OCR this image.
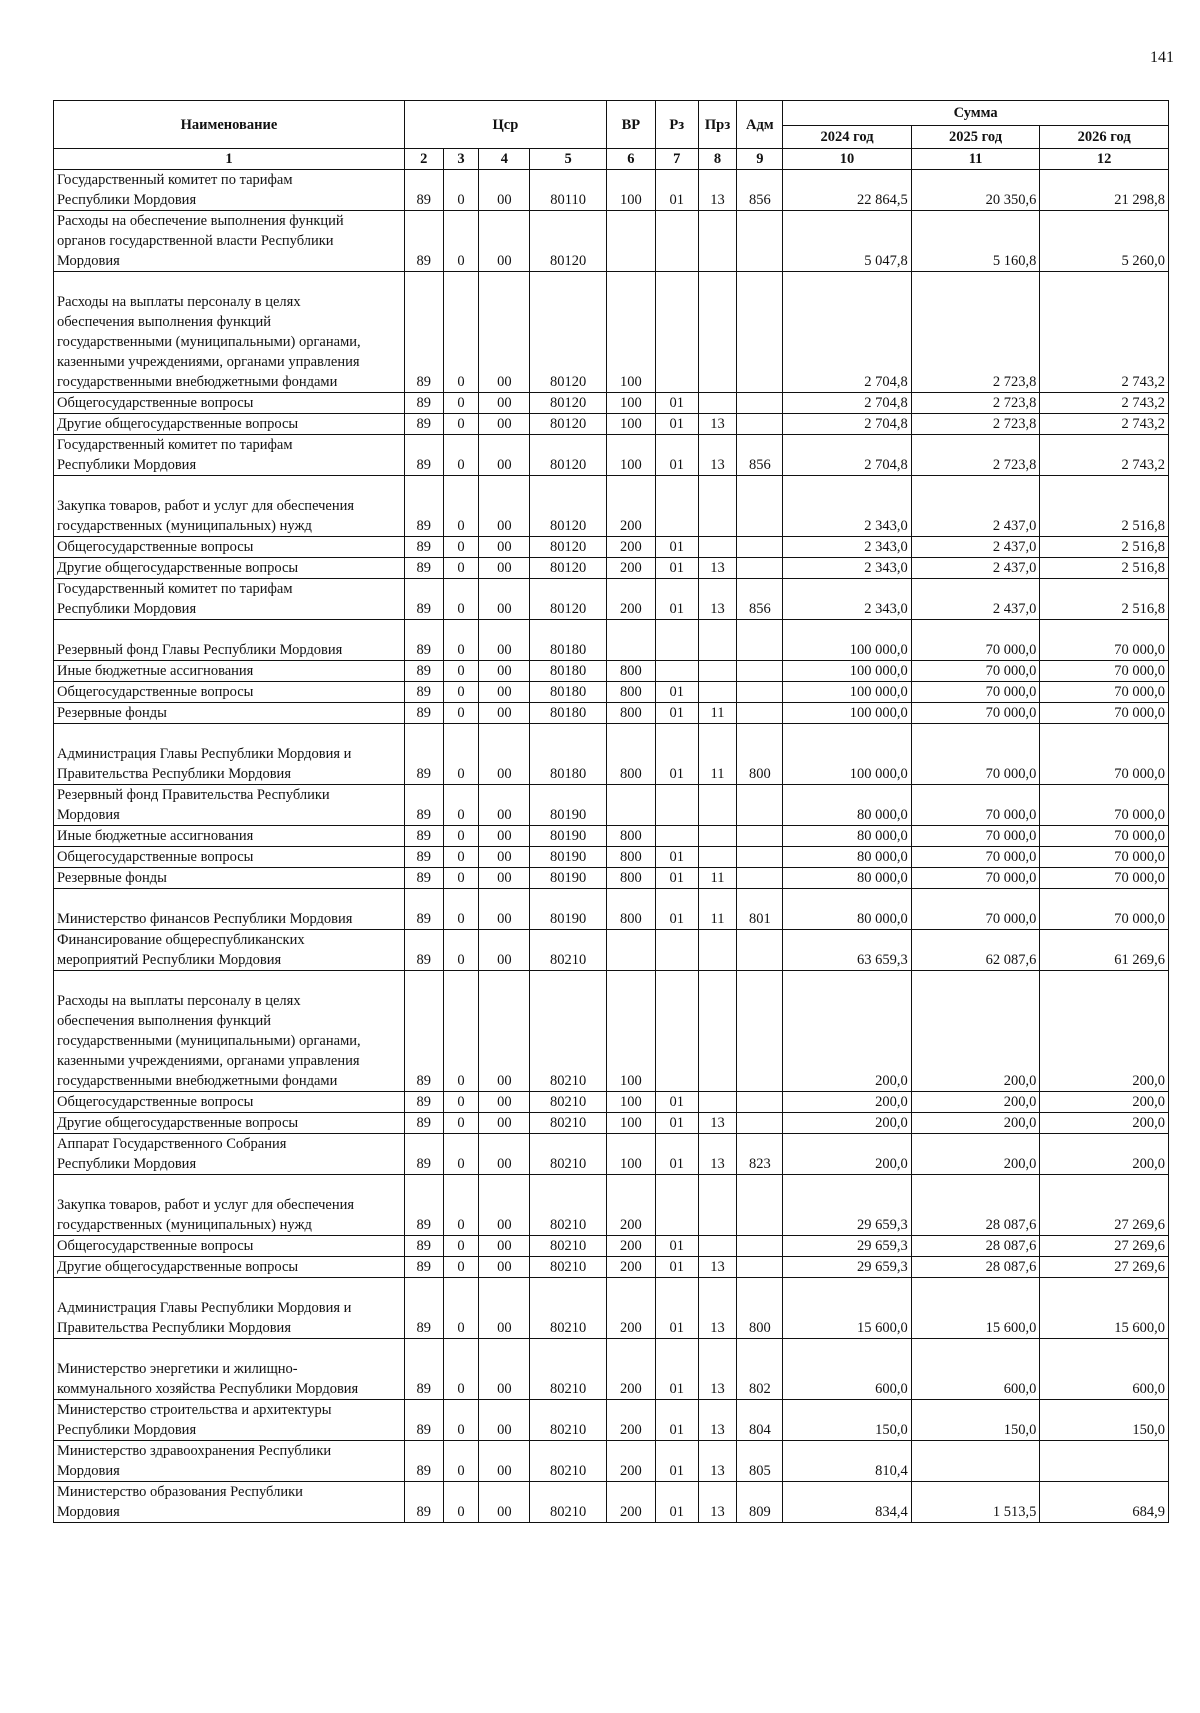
141
Наименование	Цср				ВР	Рз	Прз	Адм	Сумма		
									2024 год	2025 год	2026 год
1	2	3	4	5	6	7	8	9	10	11	12
Государственный комитет по тарифам
Республики Мордовия	89	0	00	80110	100	01	13	856	22 864,5	20 350,6	21 298,8
Расходы на обеспечение выполнения функций
органов государственной власти Республики
Мордовия	89	0	00	80120					5 047,8	5 160,8	5 260,0

Расходы на выплаты персоналу в целях
обеспечения выполнения функций
государственными (муниципальными) органами,
казенными учреждениями, органами управления
государственными внебюджетными фондами	89	0	00	80120	100				2 704,8	2 723,8	2 743,2
Общегосударственные вопросы	89	0	00	80120	100	01			2 704,8	2 723,8	2 743,2
Другие общегосударственные вопросы	89	0	00	80120	100	01	13		2 704,8	2 723,8	2 743,2
Государственный комитет по тарифам
Республики Мордовия	89	0	00	80120	100	01	13	856	2 704,8	2 723,8	2 743,2

Закупка товаров, работ и услуг для обеспечения
государственных (муниципальных) нужд	89	0	00	80120	200				2 343,0	2 437,0	2 516,8
Общегосударственные вопросы	89	0	00	80120	200	01			2 343,0	2 437,0	2 516,8
Другие общегосударственные вопросы	89	0	00	80120	200	01	13		2 343,0	2 437,0	2 516,8
Государственный комитет по тарифам
Республики Мордовия	89	0	00	80120	200	01	13	856	2 343,0	2 437,0	2 516,8

Резервный фонд Главы Республики Мордовия	89	0	00	80180					100 000,0	70 000,0	70 000,0
Иные бюджетные ассигнования	89	0	00	80180	800				100 000,0	70 000,0	70 000,0
Общегосударственные вопросы	89	0	00	80180	800	01			100 000,0	70 000,0	70 000,0
Резервные фонды	89	0	00	80180	800	01	11		100 000,0	70 000,0	70 000,0

Администрация Главы Республики Мордовия и
Правительства Республики Мордовия	89	0	00	80180	800	01	11	800	100 000,0	70 000,0	70 000,0
Резервный фонд Правительства Республики
Мордовия	89	0	00	80190					80 000,0	70 000,0	70 000,0
Иные бюджетные ассигнования	89	0	00	80190	800				80 000,0	70 000,0	70 000,0
Общегосударственные вопросы	89	0	00	80190	800	01			80 000,0	70 000,0	70 000,0
Резервные фонды	89	0	00	80190	800	01	11		80 000,0	70 000,0	70 000,0

Министерство финансов Республики Мордовия	89	0	00	80190	800	01	11	801	80 000,0	70 000,0	70 000,0
Финансирование общереспубликанских
мероприятий Республики Мордовия	89	0	00	80210					63 659,3	62 087,6	61 269,6

Расходы на выплаты персоналу в целях
обеспечения выполнения функций
государственными (муниципальными) органами,
казенными учреждениями, органами управления
государственными внебюджетными фондами	89	0	00	80210	100				200,0	200,0	200,0
Общегосударственные вопросы	89	0	00	80210	100	01			200,0	200,0	200,0
Другие общегосударственные вопросы	89	0	00	80210	100	01	13		200,0	200,0	200,0
Аппарат Государственного Собрания
Республики Мордовия	89	0	00	80210	100	01	13	823	200,0	200,0	200,0

Закупка товаров, работ и услуг для обеспечения
государственных (муниципальных) нужд	89	0	00	80210	200				29 659,3	28 087,6	27 269,6
Общегосударственные вопросы	89	0	00	80210	200	01			29 659,3	28 087,6	27 269,6
Другие общегосударственные вопросы	89	0	00	80210	200	01	13		29 659,3	28 087,6	27 269,6

Администрация Главы Республики Мордовия и
Правительства Республики Мордовия	89	0	00	80210	200	01	13	800	15 600,0	15 600,0	15 600,0

Министерство энергетики и жилищно-
коммунального хозяйства Республики Мордовия	89	0	00	80210	200	01	13	802	600,0	600,0	600,0
Министерство строительства и архитектуры
Республики Мордовия	89	0	00	80210	200	01	13	804	150,0	150,0	150,0
Министерство здравоохранения Республики
Мордовия	89	0	00	80210	200	01	13	805	810,4		
Министерство образования Республики
Мордовия	89	0	00	80210	200	01	13	809	834,4	1 513,5	684,9
